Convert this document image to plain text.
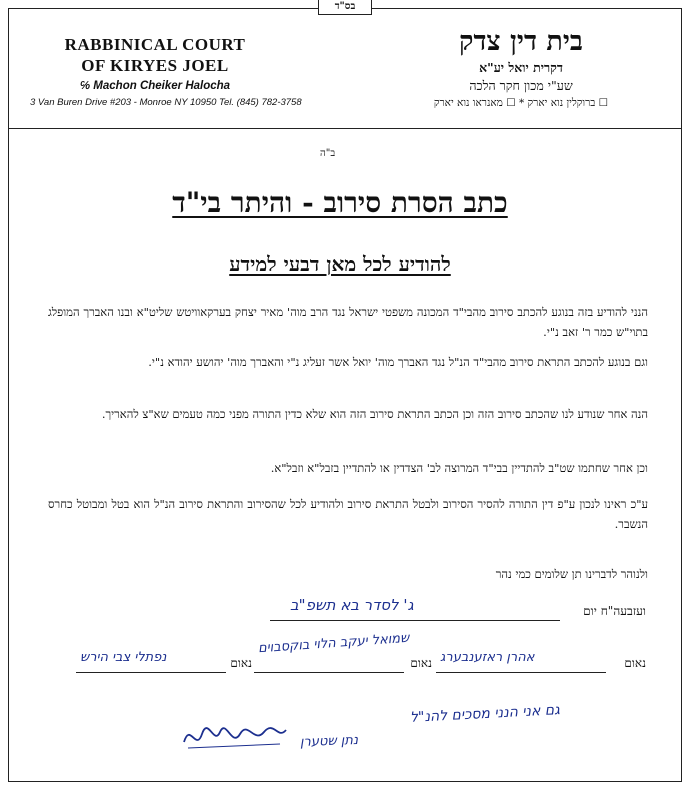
בס"ד
RABBINICAL COURT
OF KIRYES JOEL
℅ Machon Cheiker Halocha
3 Van Buren Drive #203 - Monroe NY 10950 Tel. (845) 782-3758
בית דין צדק
דקרית יואל יע"א
שע"י מכון חקר הלכה
☐ ברוקלין נוא יארק * ☐ מאנראו נוא יארק
ב"ה
כתב הסרת סירוב - והיתר בי"ד
להודיע לכל מאן דבעי למידע
הנני להודיע בזה בנוגע להכתב סירוב מהבי"ד המכונה משפטי ישראל נגד הרב מוה' מאיר יצחק בערקאוויטש שליט"א ובנו האברך המופלג בתוי"ש כמר ר' זאב נ"י.
וגם בנוגע להכתב התראת סירוב מהבי"ד הנ"ל נגד האברך מוה' יואל אשר זעליג נ"י והאברך מוה' יהושע יהודא נ"י.
הנה אחר שנודע לנו שהכתב סירוב הזה וכן הכתב התראת סירוב הזה הוא שלא כדין התורה מפני כמה טעמים שא"צ להאריך.
וכן אחר שחתמו שט"ב להתדיין בבי"ד המרוצה לב' הצדדין או להתדיין בזבל"א וזבל"א.
ע"כ ראינו לנכון ע"פ דין התורה להסיר הסירוב ולבטל התראת סירוב ולהודיע לכל שהסירוב והתראת סירוב הנ"ל הוא בטל ומבוטל כחרס הנשבר.
ולנוהר לדברינו תן שלומים כמי נהר
ועזבעה"ח יום
נאום
נאום
נאום
ג' לסדר בא תשפ"ב
אהרן ראזענבערג
שמואל יעקב הלוי בוקסבוים
נפתלי צבי הירש
גם אני הנני מסכים להנ"ל
נתן שטערן
